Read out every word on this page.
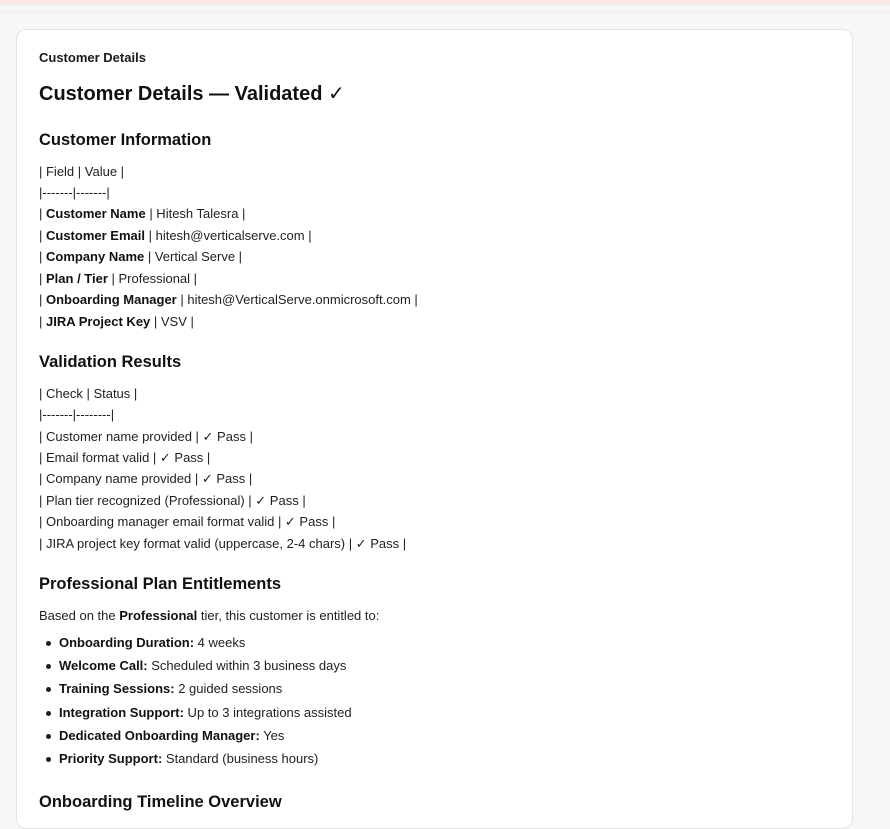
Customer Details
Customer Details — Validated ✓
Customer Information
| Field | Value |
|-------|-------|
| Customer Name | Hitesh Talesra |
| Customer Email | hitesh@verticalserve.com |
| Company Name | Vertical Serve |
| Plan / Tier | Professional |
| Onboarding Manager | hitesh@VerticalServe.onmicrosoft.com |
| JIRA Project Key | VSV |
Validation Results
| Check | Status |
|-------|--------|
| Customer name provided | ✓ Pass |
| Email format valid | ✓ Pass |
| Company name provided | ✓ Pass |
| Plan tier recognized (Professional) | ✓ Pass |
| Onboarding manager email format valid | ✓ Pass |
| JIRA project key format valid (uppercase, 2-4 chars) | ✓ Pass |
Professional Plan Entitlements
Based on the Professional tier, this customer is entitled to:
Onboarding Duration: 4 weeks
Welcome Call: Scheduled within 3 business days
Training Sessions: 2 guided sessions
Integration Support: Up to 3 integrations assisted
Dedicated Onboarding Manager: Yes
Priority Support: Standard (business hours)
Onboarding Timeline Overview
